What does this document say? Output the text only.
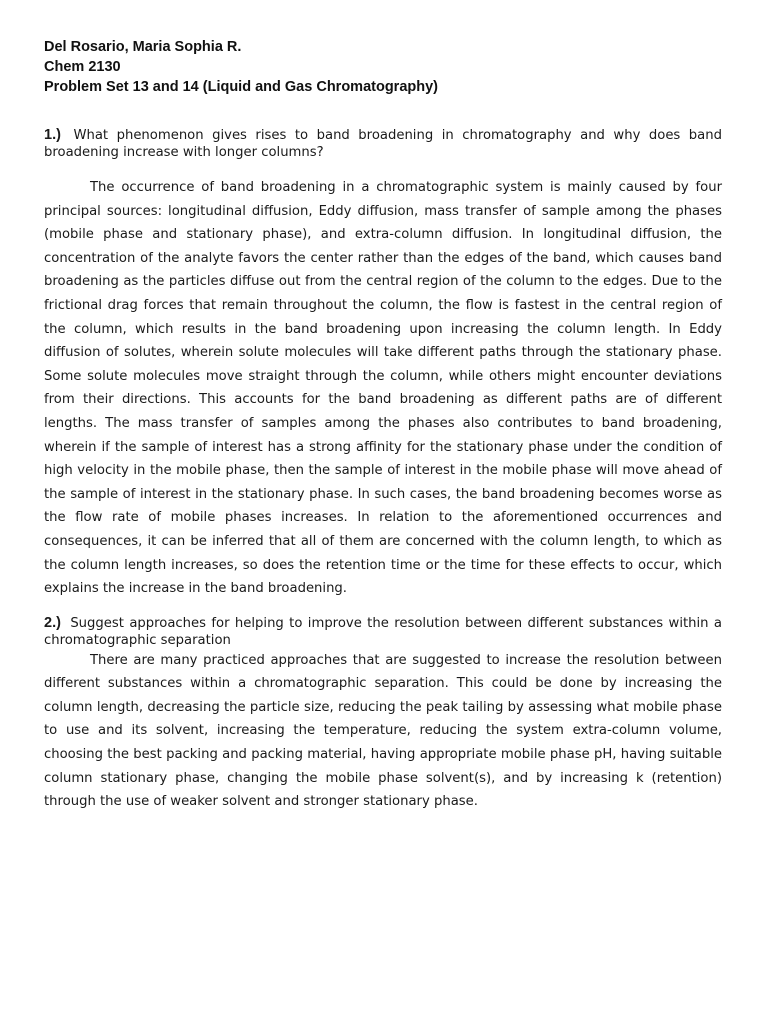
Del Rosario, Maria Sophia R.

Chem 2130

Problem Set 13 and 14 (Liquid and Gas Chromatography)

1.) What phenomenon gives rises to band broadening in chromatography and why does band broadening increase with longer columns?

The occurrence of band broadening in a chromatographic system is mainly caused by four principal sources: longitudinal diffusion, Eddy diffusion, mass transfer of sample among the phases (mobile phase and stationary phase), and extra-column diffusion. In longitudinal diffusion, the concentration of the analyte favors the center rather than the edges of the band, which causes band broadening as the particles diffuse out from the central region of the column to the edges. Due to the frictional drag forces that remain throughout the column, the flow is fastest in the central region of the column, which results in the band broadening upon increasing the column length. In Eddy diffusion of solutes, wherein solute molecules will take different paths through the stationary phase. Some solute molecules move straight through the column, while others might encounter deviations from their directions. This accounts for the band broadening as different paths are of different lengths. The mass transfer of samples among the phases also contributes to band broadening, wherein if the sample of interest has a strong affinity for the stationary phase under the condition of high velocity in the mobile phase, then the sample of interest in the mobile phase will move ahead of the sample of interest in the stationary phase. In such cases, the band broadening becomes worse as the flow rate of mobile phases increases. In relation to the aforementioned occurrences and consequences, it can be inferred that all of them are concerned with the column length, to which as the column length increases, so does the retention time or the time for these effects to occur, which explains the increase in the band broadening.

2.) Suggest approaches for helping to improve the resolution between different substances within a chromatographic separation

There are many practiced approaches that are suggested to increase the resolution between different substances within a chromatographic separation. This could be done by increasing the column length, decreasing the particle size, reducing the peak tailing by assessing what mobile phase to use and its solvent, increasing the temperature, reducing the system extra-column volume, choosing the best packing and packing material, having appropriate mobile phase pH, having suitable column stationary phase, changing the mobile phase solvent(s), and by increasing k (retention) through the use of weaker solvent and stronger stationary phase.
